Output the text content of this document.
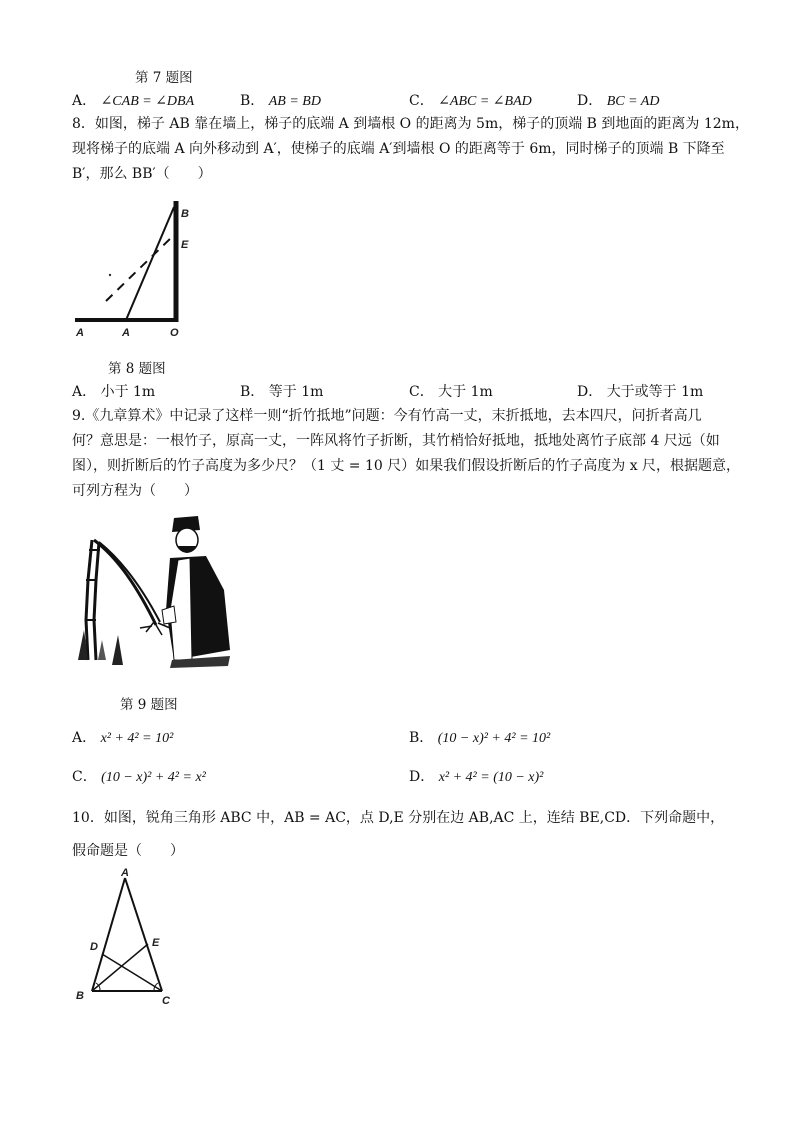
第 7 题图
A． ∠CAB = ∠DBA	B． AB = BD	C． ∠ABC = ∠BAD	D． BC = AD
8．如图，梯子 AB 靠在墙上，梯子的底端 A 到墙根 O 的距离为 5m，梯子的顶端 B 到地面的距离为 12m，
现将梯子的底端 A 向外移动到 A′，使梯子的底端 A′到墙根 O 的距离等于 6m，同时梯子的顶端 B 下降至
B′，那么 BB′（　　）
B
E
A	A	O
第 8 题图
A． 小于 1m	B． 等于 1m	C． 大于 1m	D． 大于或等于 1m
9.《九章算术》中记录了这样一则“折竹抵地”问题：今有竹高一丈，末折抵地，去本四尺，问折者高几
何？意思是：一根竹子，原高一丈，一阵风将竹子折断，其竹梢恰好抵地，抵地处离竹子底部 4 尺远（如
图），则折断后的竹子高度为多少尺？（1 丈 = 10 尺）如果我们假设折断后的竹子高度为 x 尺，根据题意，
可列方程为（　　）
第 9 题图
A． x² + 4² = 10²	B． (10 − x)² + 4² = 10²
C． (10 − x)² + 4² = x²	D． x² + 4² = (10 − x)²
10．如图，锐角三角形 ABC 中，AB = AC，点 D,E 分别在边 AB,AC 上，连结 BE,CD．下列命题中，
假命题是（　　）
A
D	E
B	C
